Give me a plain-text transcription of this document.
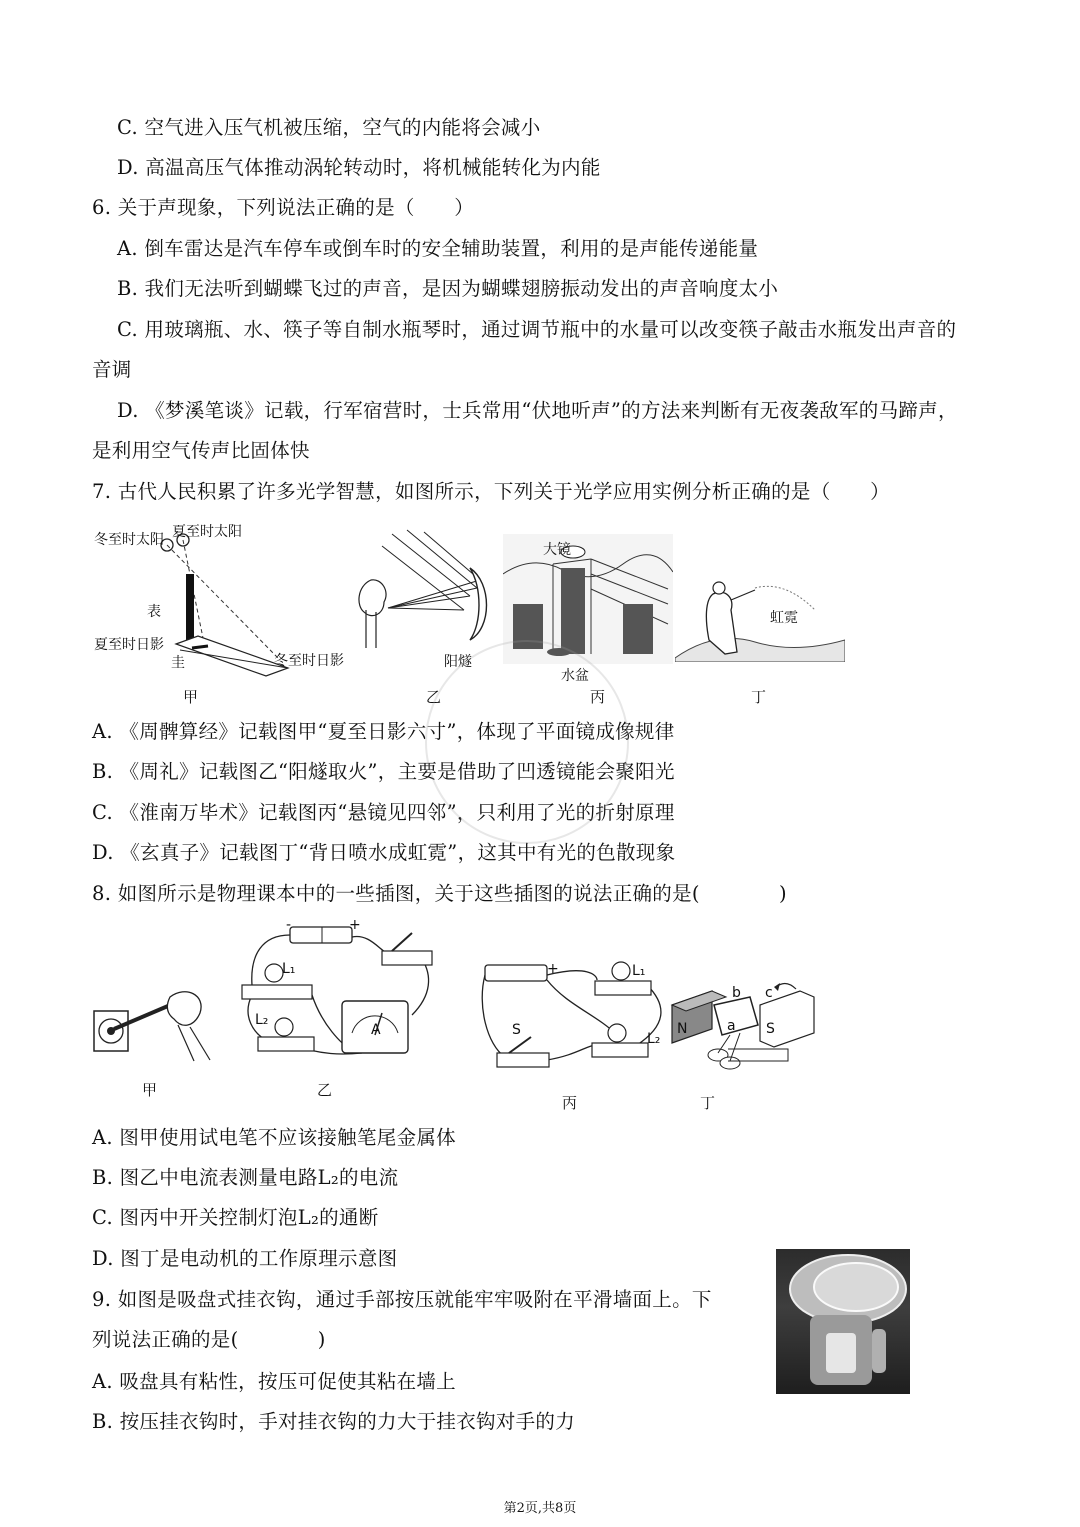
C. 空气进入压气机被压缩，空气的内能将会减小
D. 高温高压气体推动涡轮转动时，将机械能转化为内能
6. 关于声现象，下列说法正确的是（　　）
A. 倒车雷达是汽车停车或倒车时的安全辅助装置，利用的是声能传递能量
B. 我们无法听到蝴蝶飞过的声音，是因为蝴蝶翅膀振动发出的声音响度太小
C. 用玻璃瓶、水、筷子等自制水瓶琴时，通过调节瓶中的水量可以改变筷子敲击水瓶发出声音的
音调
D. 《梦溪笔谈》记载，行军宿营时，士兵常用“伏地听声”的方法来判断有无夜袭敌军的马蹄声，
是利用空气传声比固体快
7. 古代人民积累了许多光学智慧，如图所示，下列关于光学应用实例分析正确的是（　　）
冬至时太阳 夏至时太阳
表
夏至时日影
圭	冬至时日影
甲
阳燧
乙
大镜
水盆
丙
虹霓
丁
A. 《周髀算经》记载图甲“夏至日影六寸”，体现了平面镜成像规律
B. 《周礼》记载图乙“阳燧取火”，主要是借助了凹透镜能会聚阳光
C. 《淮南万毕术》记载图丙“悬镜见四邻”，只利用了光的折射原理
D. 《玄真子》记载图丁“背日喷水成虹霓”，这其中有光的色散现象
8. 如图所示是物理课本中的一些插图，关于这些插图的说法正确的是(　　　　)
甲
-	+
L₁
L₂
A
乙
+	L₁
S
L₂
丙
N	S
b c
a
丁
A. 图甲使用试电笔不应该接触笔尾金属体
B. 图乙中电流表测量电路L₂的电流
C. 图丙中开关控制灯泡L₂的通断
D. 图丁是电动机的工作原理示意图
9. 如图是吸盘式挂衣钩，通过手部按压就能牢牢吸附在平滑墙面上。下
列说法正确的是(　　　　)
A. 吸盘具有粘性，按压可促使其粘在墙上
B. 按压挂衣钩时，手对挂衣钩的力大于挂衣钩对手的力
第2页,共8页
